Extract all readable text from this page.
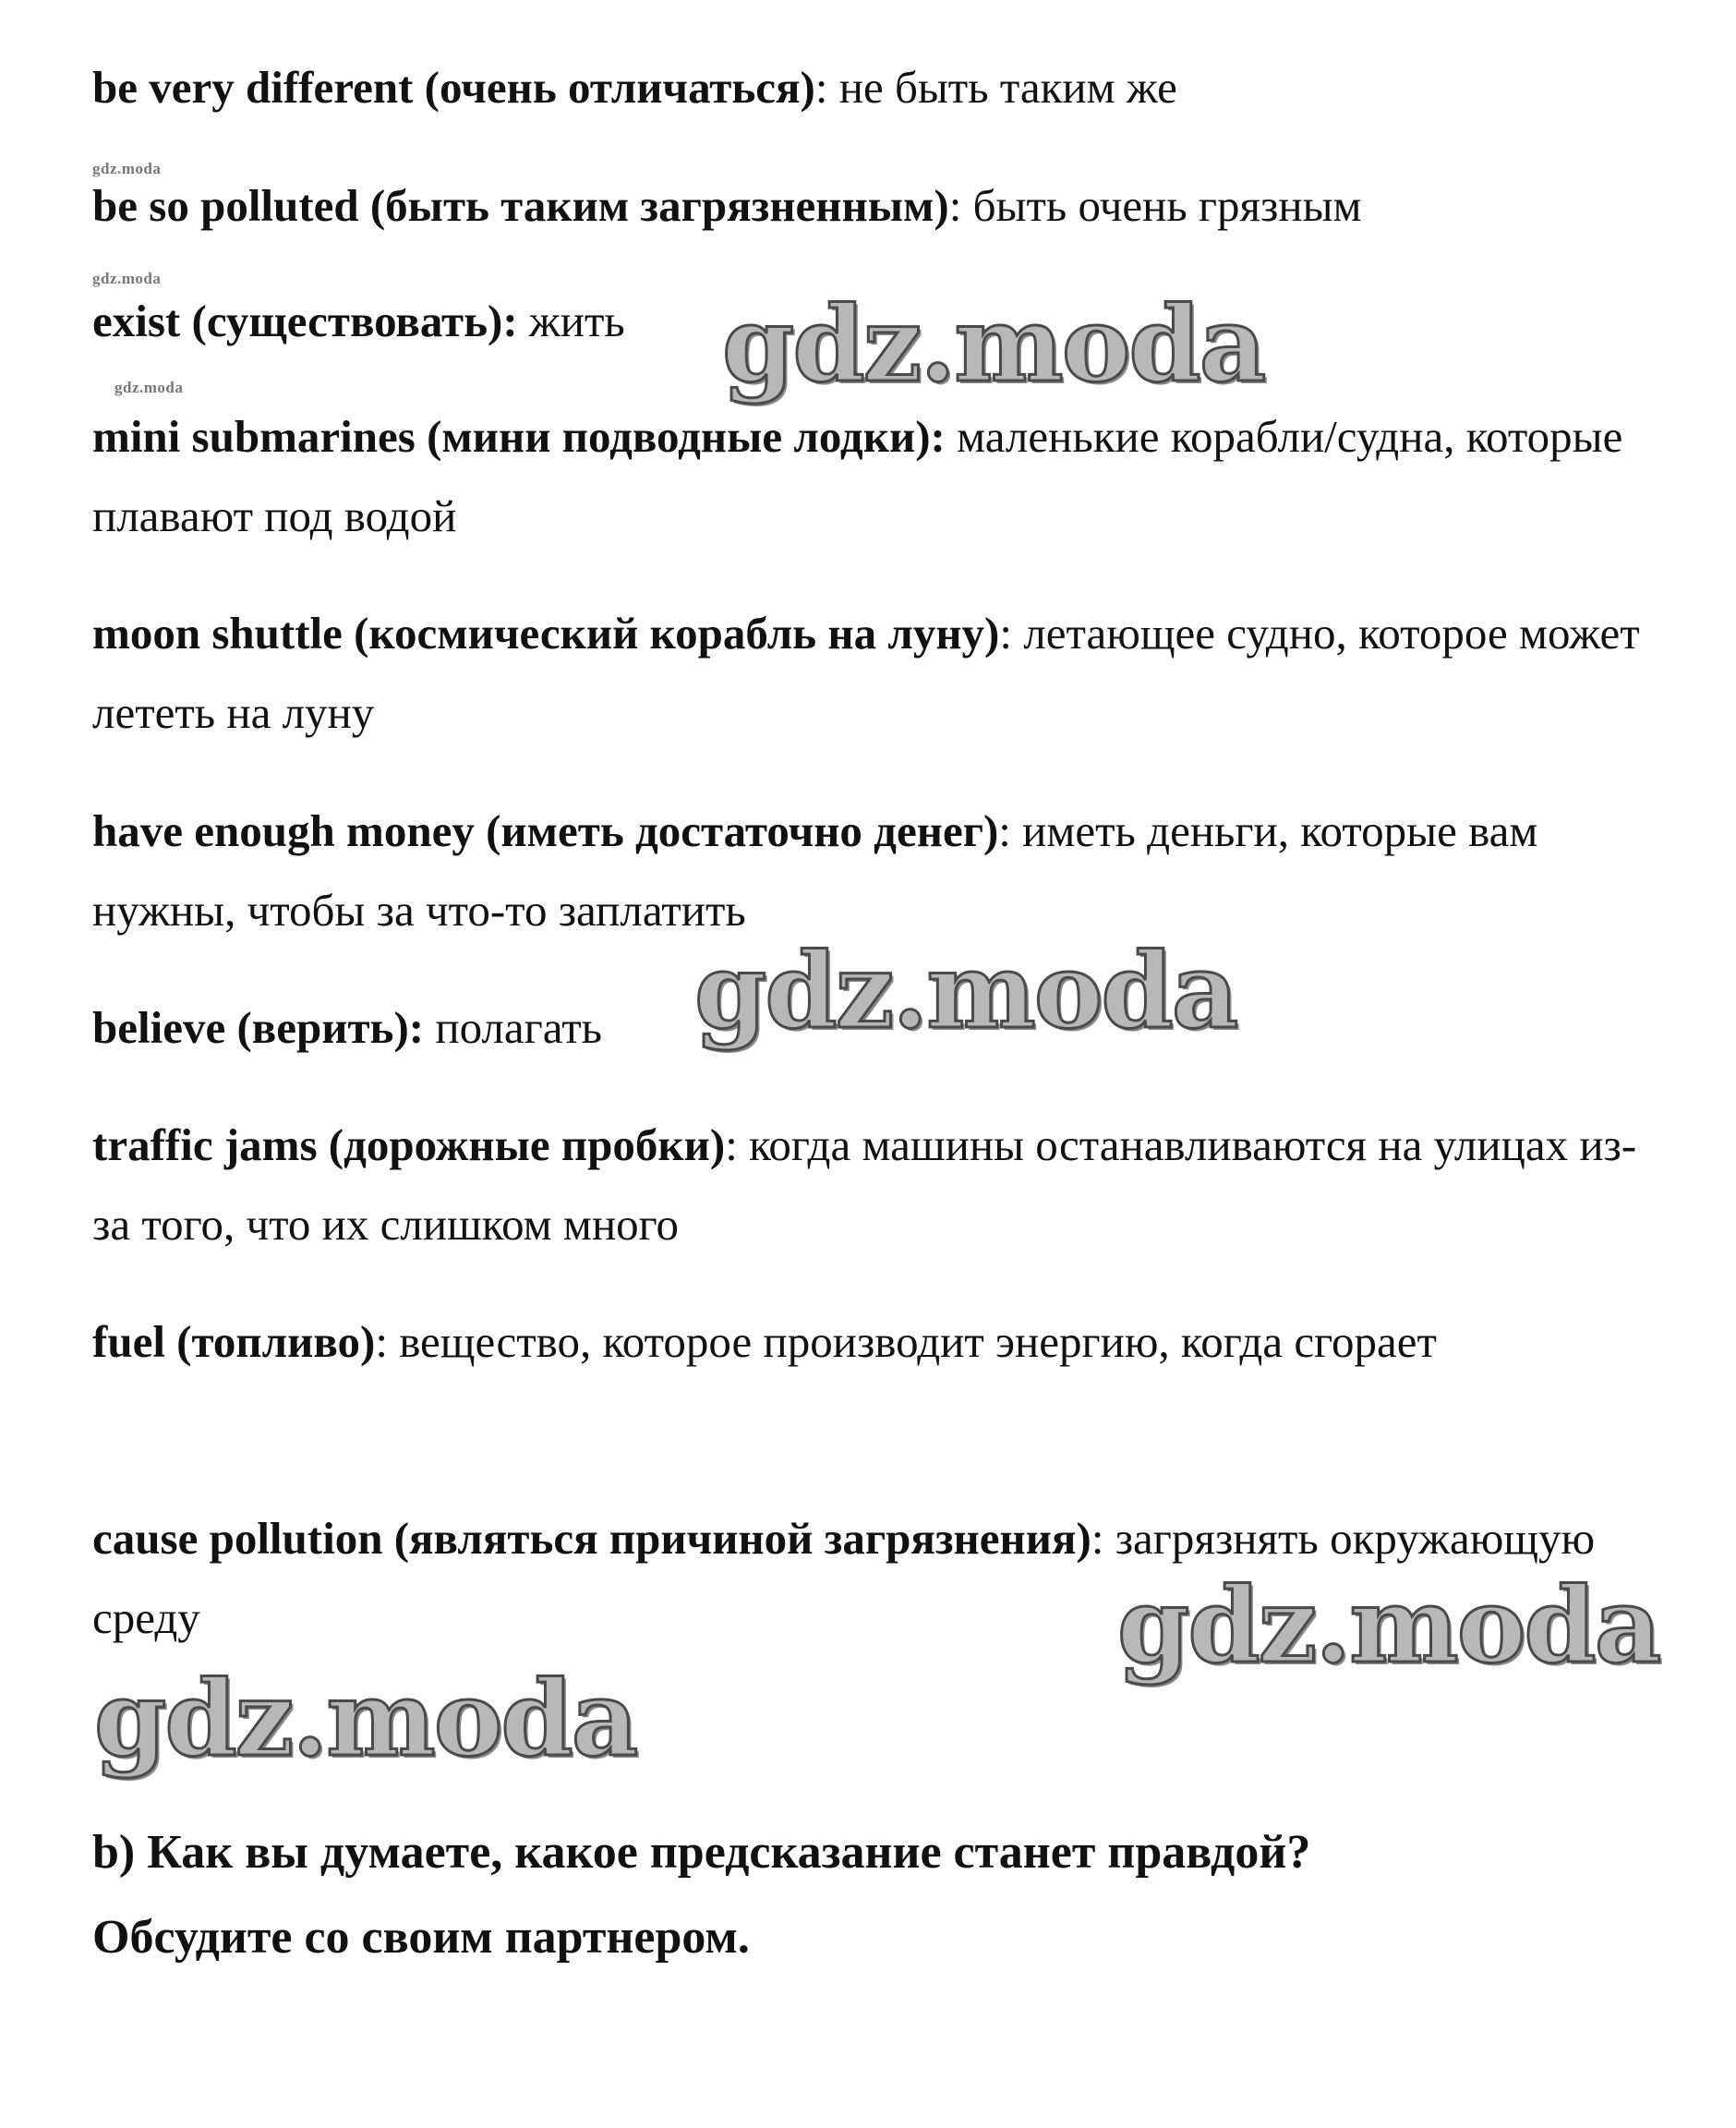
be very different (очень отличаться): не быть таким же

gdz.moda

be so polluted (быть таким загрязненным): быть очень грязным

gdz.moda

exist (существовать): жить

gdz.moda

mini submarines (мини подводные лодки): маленькие корабли/судна, которые плавают под водой

moon shuttle (космический корабль на луну): летающее судно, которое может лететь на луну

have enough money (иметь достаточно денег): иметь деньги, которые вам нужны, чтобы за что-то заплатить

believe (верить): полагать

traffic jams (дорожные пробки): когда машины останавливаются на улицах из-за того, что их слишком много

fuel (топливо): вещество, которое производит энергию, когда сгорает

cause pollution (являться причиной загрязнения): загрязнять окружающую среду

b) Как вы думаете, какое предсказание станет правдой?
Обсудите со своим партнером.

gdz.moda
gdz.moda
gdz.moda
gdz.moda
